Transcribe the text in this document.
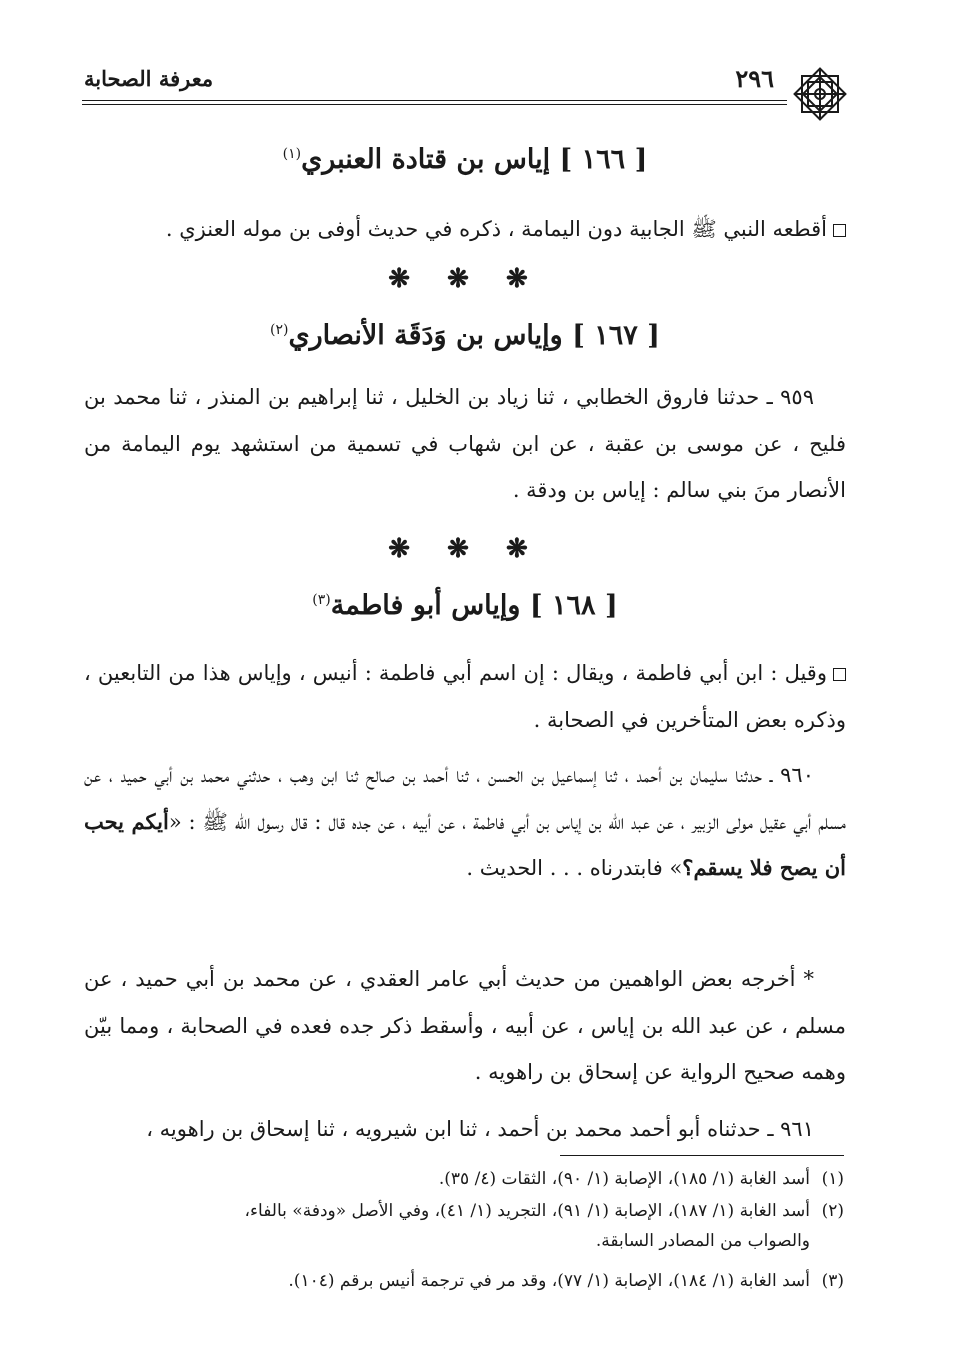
معرفة الصحابة	٢٩٦
[ ١٦٦ ] إياس بن قتادة العنبري$^{(١)}$
أقطعه النبي ﷺ الجابية دون اليمامة ، ذكره في حديث أوفى بن موله العنزي .
❋ ❋ ❋
[ ١٦٧ ] وإياس بن وَدَقَة الأنصاري$^{(٢)}$
٩٥٩ ـ حدثنا فاروق الخطابي ، ثنا زياد بن الخليل ، ثنا إبراهيم بن المنذر ، ثنا محمد بن فليح ، عن موسى بن عقبة ، عن ابن شهاب في تسمية من استشهد يوم اليمامة من الأنصار منَ بني سالم : إياس بن ودقة .
❋ ❋ ❋
[ ١٦٨ ] وإياس أبو فاطمة$^{(٣)}$
وقيل : ابن أبي فاطمة ، ويقال : إن اسم أبي فاطمة : أنيس ، وإياس هذا من التابعين ، وذكره بعض المتأخرين في الصحابة .
٩٦٠ ـ حدثنا سليمان بن أحمد ، ثنا إسماعيل بن الحسن ، ثنا أحمد بن صالح ثنا ابن وهب ، حدثني محمد بن أبي حميد ، عن مسلم أبي عقيل مولى الزبير ، عن عبد الله بن إياس بن أبي فاطمة ، عن أبيه ، عن جده قال : قال رسول الله ﷺ : «أيكم يحب أن يصح فلا يسقم؟» فابتدرناه . . . الحديث .
* أخرجه بعض الواهمين من حديث أبي عامر العقدي ، عن محمد بن أبي حميد ، عن مسلم ، عن عبد الله بن إياس ، عن أبيه ، وأسقط ذكر جده فعده في الصحابة ، ومما بيّن وهمه صحيح الرواية عن إسحاق بن راهويه .
٩٦١ ـ حدثناه أبو أحمد محمد بن أحمد ، ثنا ابن شيرويه ، ثنا إسحاق بن راهويه ،
(١)أسد الغابة (١/ ١٨٥)، الإصابة (١/ ٩٠)، الثقات (٤/ ٣٥).
(٢)أسد الغابة (١/ ١٨٧)، الإصابة (١/ ٩١)، التجريد (١/ ٤١)، وفي الأصل «ودفة» بالفاء،
والصواب من المصادر السابقة.
(٣)أسد الغابة (١/ ١٨٤)، الإصابة (١/ ٧٧)، وقد مر في ترجمة أنيس برقم (١٠٤).
